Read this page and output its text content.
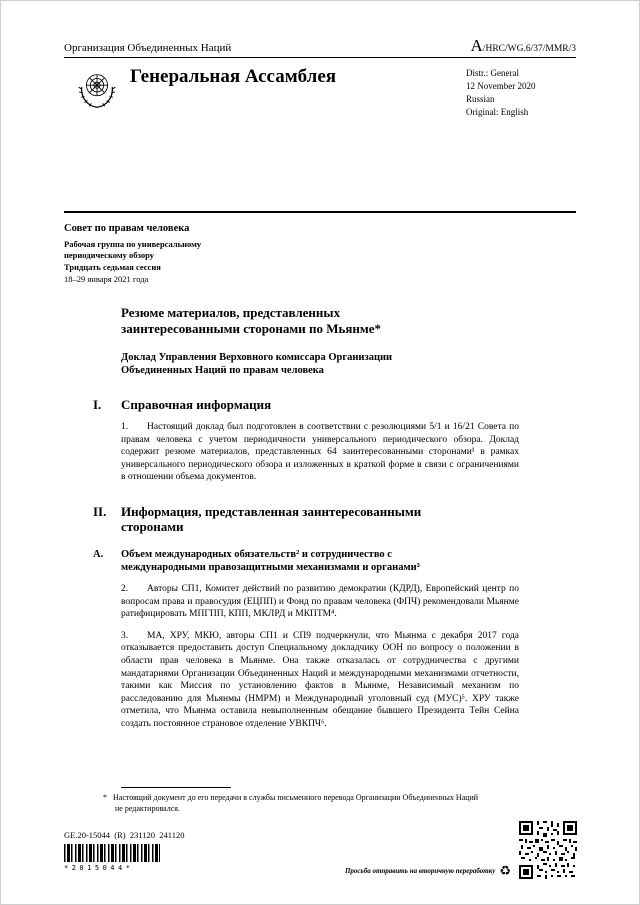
Организация Объединенных Наций	A/HRC/WG.6/37/MMR/3
Генеральная Ассамблея	Distr.: General
12 November 2020
Russian
Original: English
Совет по правам человека
Рабочая группа по универсальному периодическому обзору
Тридцать седьмая сессия
18–29 января 2021 года
Резюме материалов, представленных заинтересованными сторонами по Мьянме*
Доклад Управления Верховного комиссара Организации Объединенных Наций по правам человека
I.	Справочная информация

1. Настоящий доклад был подготовлен в соответствии с резолюциями 5/1 и 16/21 Совета по правам человека с учетом периодичности универсального периодического обзора. Доклад содержит резюме материалов, представленных 64 заинтересованными сторонами¹ в рамках универсального периодического обзора и изложенных в краткой форме в связи с ограничениями в отношении объема документов.

II.	Информация, представленная заинтересованными сторонами
A.	Объем международных обязательств² и сотрудничество с международными правозащитными механизмами и органами³

2. Авторы СП1, Комитет действий по развитию демократии (КДРД), Европейский центр по вопросам права и правосудия (ЕЦПП) и Фонд по правам человека (ФПЧ) рекомендовали Мьянме ратифицировать МПГПП, КПП, МКЛРД и МКПТМ⁴.

3. МА, ХРУ, МКЮ, авторы СП1 и СП9 подчеркнули, что Мьянма с декабря 2017 года отказывается предоставить доступ Специальному докладчику ООН по вопросу о положении в области прав человека в Мьянме. Она также отказалась от сотрудничества с другими мандатариями Организации Объединенных Наций и международными механизмами отчетности, такими как Миссия по установлению фактов в Мьянме, Независимый механизм по расследованию для Мьянмы (НМРМ) и Международный уголовный суд (МУС)⁵. ХРУ также отметила, что Мьянма оставила невыполненным обещание бывшего Президента Тейн Сейна создать постоянное страновое отделение УВКПЧ⁶.

* Настоящий документ до его передачи в службы письменного перевода Организации Объединенных Наций не редактировался.

GE.20-15044  (R)  231120  241120
*2015044*	Просьба отправить на вторичную переработку ♻
